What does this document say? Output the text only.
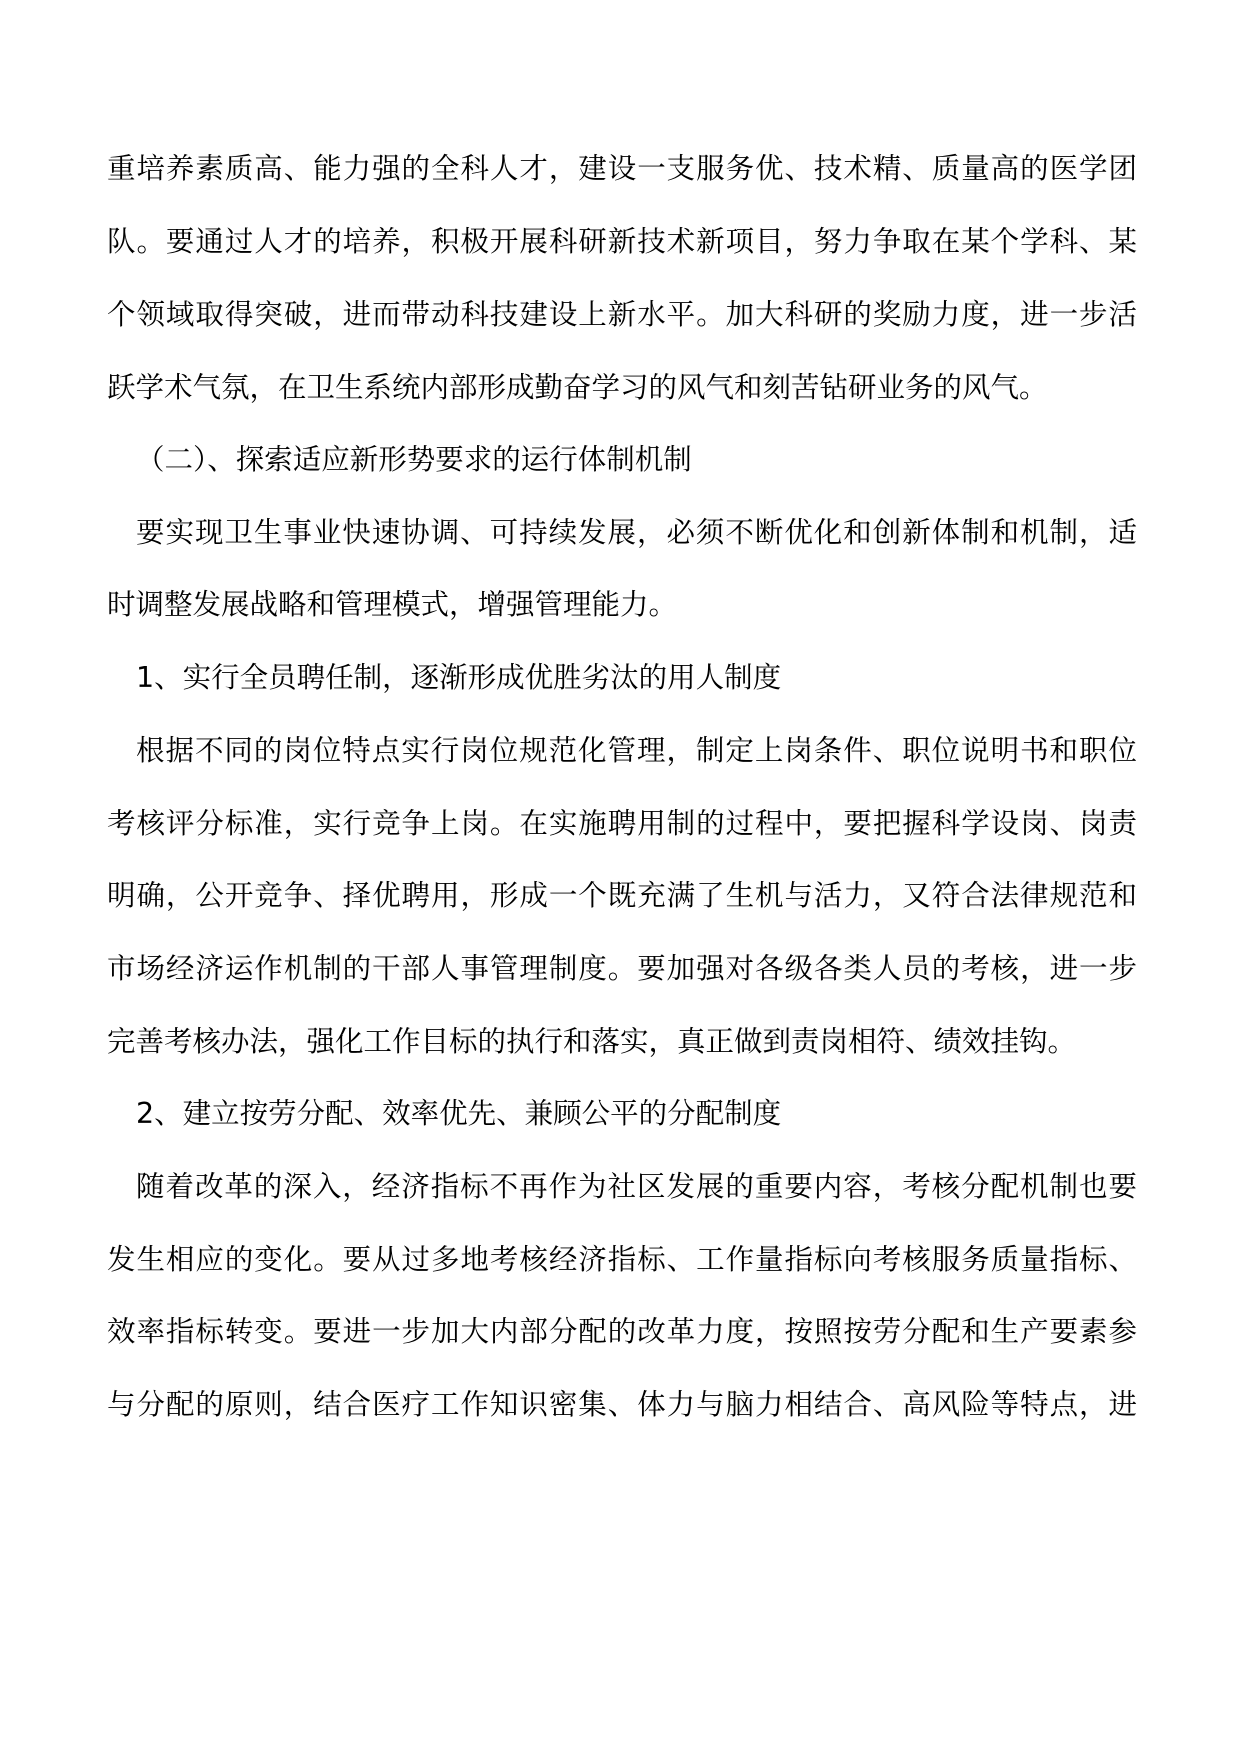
重培养素质高、能力强的全科人才，建设一支服务优、技术精、质量高的医学团
队。要通过人才的培养，积极开展科研新技术新项目，努力争取在某个学科、某
个领域取得突破，进而带动科技建设上新水平。加大科研的奖励力度，进一步活
跃学术气氛，在卫生系统内部形成勤奋学习的风气和刻苦钻研业务的风气。
（二）、探索适应新形势要求的运行体制机制
要实现卫生事业快速协调、可持续发展，必须不断优化和创新体制和机制，适
时调整发展战略和管理模式，增强管理能力。
1、实行全员聘任制，逐渐形成优胜劣汰的用人制度
根据不同的岗位特点实行岗位规范化管理，制定上岗条件、职位说明书和职位
考核评分标准，实行竞争上岗。在实施聘用制的过程中，要把握科学设岗、岗责
明确，公开竞争、择优聘用，形成一个既充满了生机与活力，又符合法律规范和
市场经济运作机制的干部人事管理制度。要加强对各级各类人员的考核，进一步
完善考核办法，强化工作目标的执行和落实，真正做到责岗相符、绩效挂钩。
2、建立按劳分配、效率优先、兼顾公平的分配制度
随着改革的深入，经济指标不再作为社区发展的重要内容，考核分配机制也要
发生相应的变化。要从过多地考核经济指标、工作量指标向考核服务质量指标、
效率指标转变。要进一步加大内部分配的改革力度，按照按劳分配和生产要素参
与分配的原则，结合医疗工作知识密集、体力与脑力相结合、高风险等特点，进
